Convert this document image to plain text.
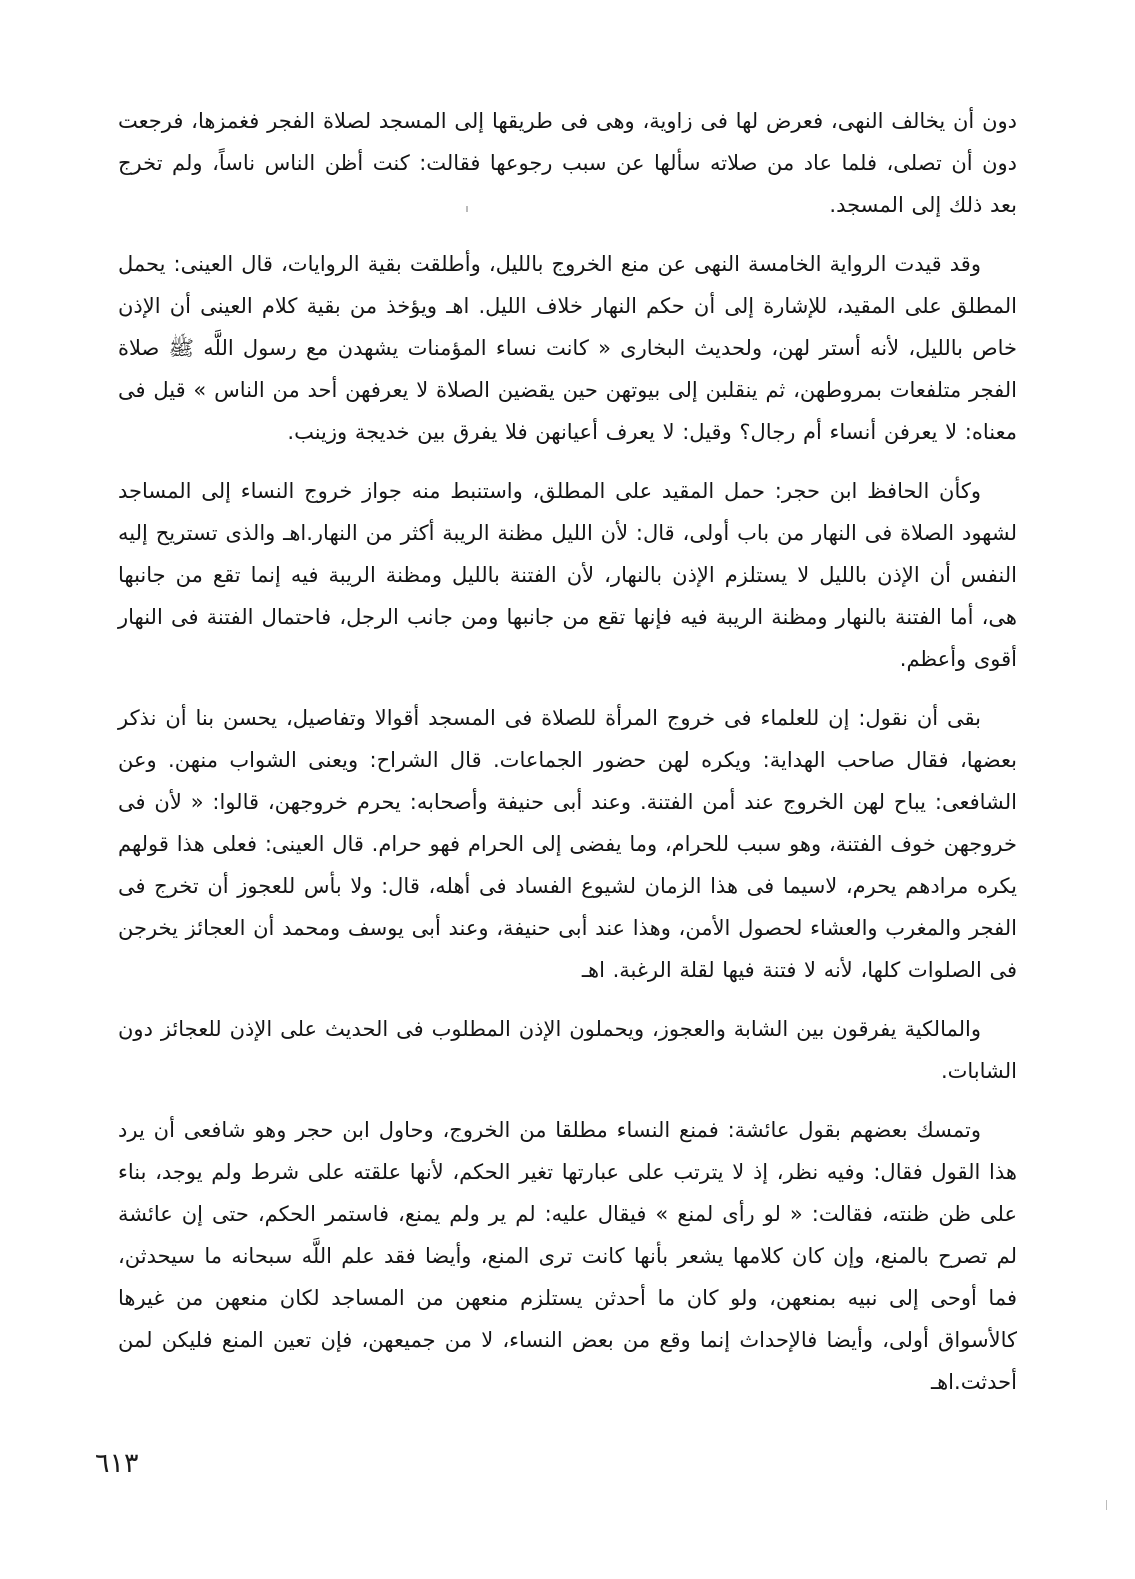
دون أن يخالف النهى، فعرض لها فى زاوية، وهى فى طريقها إلى المسجد لصلاة الفجر فغمزها، فرجعت دون أن تصلى، فلما عاد من صلاته سألها عن سبب رجوعها فقالت: كنت أظن الناس ناساً، ولم تخرج بعد ذلك إلى المسجد.

وقد قيدت الرواية الخامسة النهى عن منع الخروج بالليل، وأطلقت بقية الروايات، قال العينى: يحمل المطلق على المقيد، للإشارة إلى أن حكم النهار خلاف الليل. اهـ ويؤخذ من بقية كلام العينى أن الإذن خاص بالليل، لأنه أستر لهن، ولحديث البخارى « كانت نساء المؤمنات يشهدن مع رسول اللَّه ﷺ صلاة الفجر متلفعات بمروطهن، ثم ينقلبن إلى بيوتهن حين يقضين الصلاة لا يعرفهن أحد من الناس » قيل فى معناه: لا يعرفن أنساء أم رجال؟ وقيل: لا يعرف أعيانهن فلا يفرق بين خديجة وزينب.

وكأن الحافظ ابن حجر: حمل المقيد على المطلق، واستنبط منه جواز خروج النساء إلى المساجد لشهود الصلاة فى النهار من باب أولى، قال: لأن الليل مظنة الريبة أكثر من النهار.اهـ والذى تستريح إليه النفس أن الإذن بالليل لا يستلزم الإذن بالنهار، لأن الفتنة بالليل ومظنة الريبة فيه إنما تقع من جانبها هى، أما الفتنة بالنهار ومظنة الريبة فيه فإنها تقع من جانبها ومن جانب الرجل، فاحتمال الفتنة فى النهار أقوى وأعظم.

بقى أن نقول: إن للعلماء فى خروج المرأة للصلاة فى المسجد أقوالا وتفاصيل، يحسن بنا أن نذكر بعضها، فقال صاحب الهداية: ويكره لهن حضور الجماعات. قال الشراح: ويعنى الشواب منهن. وعن الشافعى: يباح لهن الخروج عند أمن الفتنة. وعند أبى حنيفة وأصحابه: يحرم خروجهن، قالوا: « لأن فى خروجهن خوف الفتنة، وهو سبب للحرام، وما يفضى إلى الحرام فهو حرام. قال العينى: فعلى هذا قولهم يكره مرادهم يحرم، لاسيما فى هذا الزمان لشيوع الفساد فى أهله، قال: ولا بأس للعجوز أن تخرج فى الفجر والمغرب والعشاء لحصول الأمن، وهذا عند أبى حنيفة، وعند أبى يوسف ومحمد أن العجائز يخرجن فى الصلوات كلها، لأنه لا فتنة فيها لقلة الرغبة. اهـ

والمالكية يفرقون بين الشابة والعجوز، ويحملون الإذن المطلوب فى الحديث على الإذن للعجائز دون الشابات.

وتمسك بعضهم بقول عائشة: فمنع النساء مطلقا من الخروج، وحاول ابن حجر وهو شافعى أن يرد هذا القول فقال: وفيه نظر، إذ لا يترتب على عبارتها تغير الحكم، لأنها علقته على شرط ولم يوجد، بناء على ظن ظنته، فقالت: « لو رأى لمنع » فيقال عليه: لم ير ولم يمنع، فاستمر الحكم، حتى إن عائشة لم تصرح بالمنع، وإن كان كلامها يشعر بأنها كانت ترى المنع، وأيضا فقد علم اللَّه سبحانه ما سيحدثن، فما أوحى إلى نبيه بمنعهن، ولو كان ما أحدثن يستلزم منعهن من المساجد لكان منعهن من غيرها كالأسواق أولى، وأيضا فالإحداث إنما وقع من بعض النساء، لا من جميعهن، فإن تعين المنع فليكن لمن أحدثت.اهـ

٦١٣
